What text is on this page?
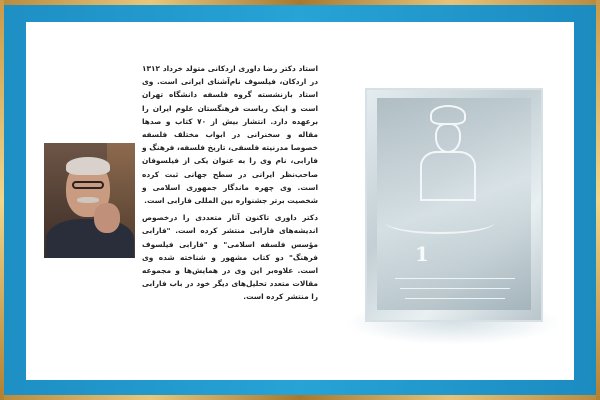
استاد دکتر رضا داوری اردکانی متولد خرداد ۱۳۱۲ در اردکان، فیلسوف نام‌آشنای ایرانی است. وی استاد بازنشسته گروه فلسفه دانشگاه تهران است و اینک ریاست فرهنگستان علوم ایران را برعهده دارد. انتشار بیش از ۷۰ کتاب و صدها مقاله و سخنرانی در ابواب مختلف فلسفه خصوصا مدرنیته فلسفی، تاریخ فلسفه، فرهنگ و فارابی، نام وی را به عنوان یکی از فیلسوفان صاحب‌نظر ایرانی در سطح جهانی ثبت کرده است. وی چهره ماندگار جمهوری اسلامی و شخصیت برتر جشنواره بین المللی فارابی است.

دکتر داوری تاکنون آثار متعددی را درخصوص اندیشه‌های فارابی منتشر کرده است. "فارابی مؤسس فلسفه اسلامی" و "فارابی فیلسوف فرهنگ" دو کتاب مشهور و شناخته شده وی است. علاوه‌بر این وی در همایش‌ها و مجموعه مقالات متعدد تحلیل‌های دیگر خود در باب فارابی را منتشر کرده است.

1
